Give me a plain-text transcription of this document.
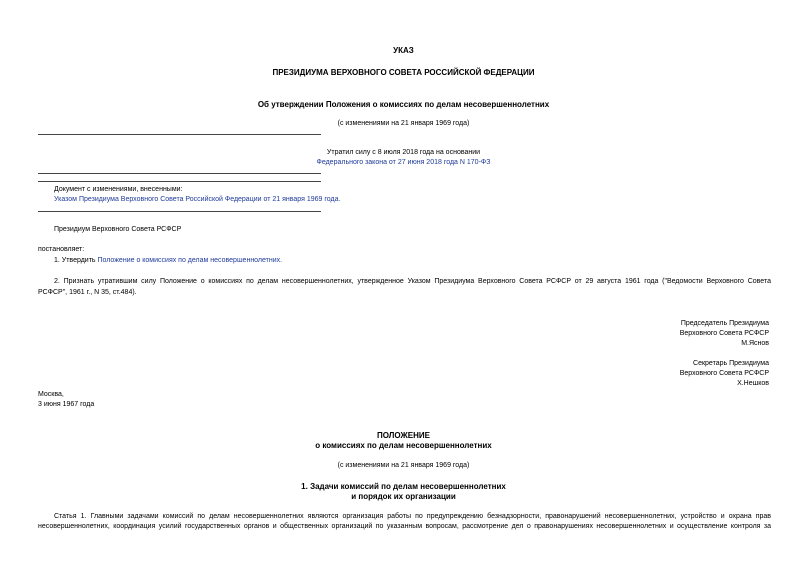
УКАЗ
ПРЕЗИДИУМА ВЕРХОВНОГО СОВЕТА РОССИЙСКОЙ ФЕДЕРАЦИИ
Об утверждении Положения о комиссиях по делам несовершеннолетних
(с изменениями на 21 января 1969 года)
Утратил силу с 8 июля 2018 года на основании
Федерального закона от 27 июня 2018 года N 170-ФЗ
Документ с изменениями, внесенными:
Указом Президиума Верховного Совета Российской Федерации от 21 января 1969 года.
Президиум Верховного Совета РСФСР
постановляет:
1. Утвердить Положение о комиссиях по делам несовершеннолетних.
2. Признать утратившим силу Положение о комиссиях по делам несовершеннолетних, утвержденное Указом Президиума Верховного Совета РСФСР от 29 августа 1961 года ("Ведомости Верховного Совета
РСФСР", 1961 г., N 35, ст.484).
Председатель Президиума
Верховного Совета РСФСР
М.Яснов
Секретарь Президиума
Верховного Совета РСФСР
Х.Нешков
Москва,
3 июня 1967 года
ПОЛОЖЕНИЕ
о комиссиях по делам несовершеннолетних
(с изменениями на 21 января 1969 года)
1. Задачи комиссий по делам несовершеннолетних
и порядок их организации
Статья 1. Главными задачами комиссий по делам несовершеннолетних являются организация работы по предупреждению безнадзорности, правонарушений несовершеннолетних, устройство и охрана прав
несовершеннолетних, координация усилий государственных органов и общественных организаций по указанным вопросам, рассмотрение дел о правонарушениях несовершеннолетних и осуществление контроля за
